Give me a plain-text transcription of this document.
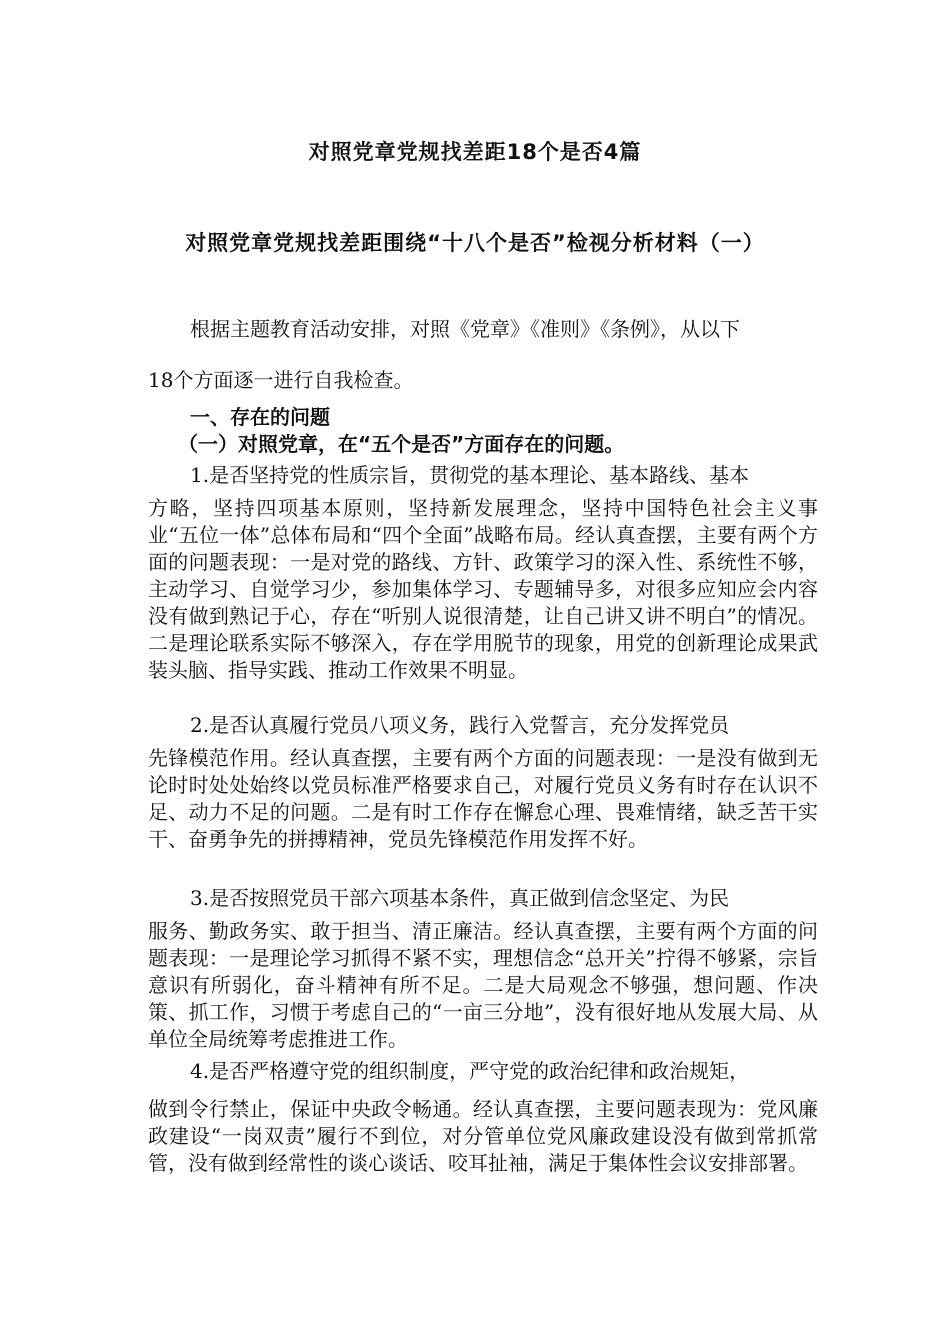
对照党章党规找差距18个是否4篇
对照党章党规找差距围绕“十八个是否”检视分析材料（一）
根据主题教育活动安排，对照《党章》《准则》《条例》，从以下
18个方面逐一进行自我检查。
一、存在的问题
（一）对照党章，在“五个是否”方面存在的问题。
1.是否坚持党的性质宗旨，贯彻党的基本理论、基本路线、基本
方略，坚持四项基本原则，坚持新发展理念，坚持中国特色社会主义事业“五位一体”总体布局和“四个全面”战略布局。经认真查摆，主要有两个方面的问题表现：一是对党的路线、方针、政策学习的深入性、系统性不够，主动学习、自觉学习少，参加集体学习、专题辅导多，对很多应知应会内容没有做到熟记于心，存在“听别人说很清楚，让自己讲又讲不明白”的情况。二是理论联系实际不够深入，存在学用脱节的现象，用党的创新理论成果武装头脑、指导实践、推动工作效果不明显。
2.是否认真履行党员八项义务，践行入党誓言，充分发挥党员
先锋模范作用。经认真查摆，主要有两个方面的问题表现：一是没有做到无论时时处处始终以党员标准严格要求自己，对履行党员义务有时存在认识不足、动力不足的问题。二是有时工作存在懈怠心理、畏难情绪，缺乏苦干实干、奋勇争先的拼搏精神，党员先锋模范作用发挥不好。
3.是否按照党员干部六项基本条件，真正做到信念坚定、为民
服务、勤政务实、敢于担当、清正廉洁。经认真查摆，主要有两个方面的问题表现：一是理论学习抓得不紧不实，理想信念“总开关”拧得不够紧，宗旨意识有所弱化，奋斗精神有所不足。二是大局观念不够强，想问题、作决策、抓工作，习惯于考虑自己的“一亩三分地”，没有很好地从发展大局、从单位全局统筹考虑推进工作。
4.是否严格遵守党的组织制度，严守党的政治纪律和政治规矩，
做到令行禁止，保证中央政令畅通。经认真查摆，主要问题表现为：党风廉政建设“一岗双责”履行不到位，对分管单位党风廉政建设没有做到常抓常管，没有做到经常性的谈心谈话、咬耳扯袖，满足于集体性会议安排部署。
